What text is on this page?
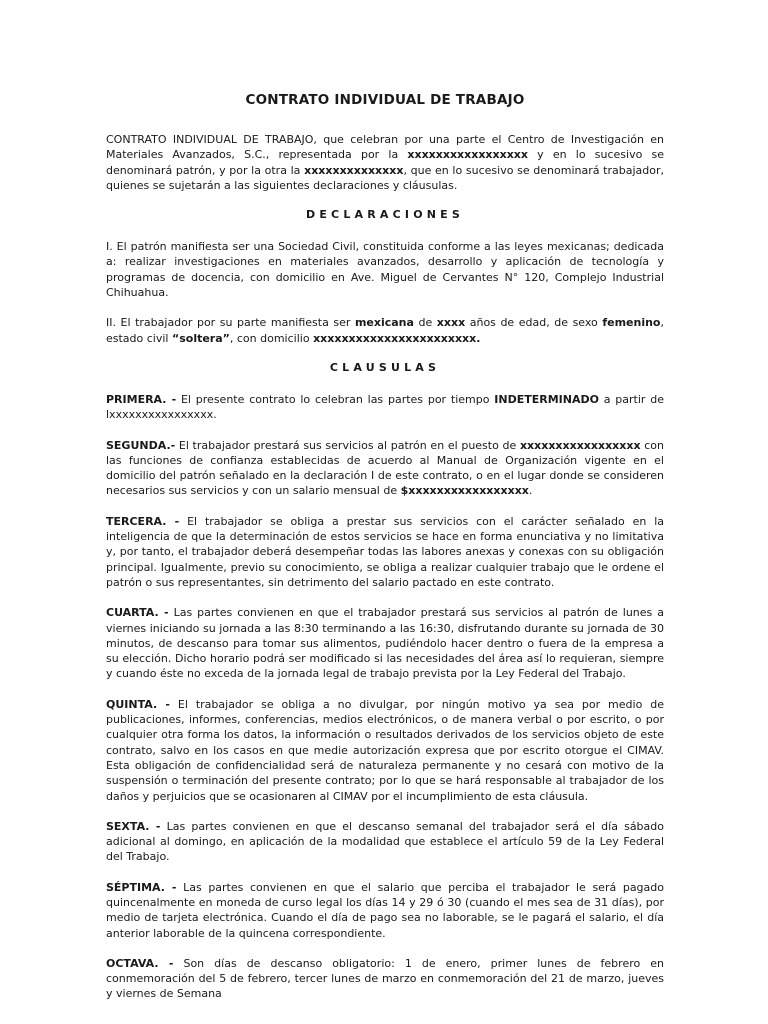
CONTRATO INDIVIDUAL DE TRABAJO

CONTRATO INDIVIDUAL DE TRABAJO, que celebran por una parte el Centro de Investigación en Materiales Avanzados, S.C., representada por la xxxxxxxxxxxxxxxxx y en lo sucesivo se denominará patrón, y por la otra la xxxxxxxxxxxxxx, que en lo sucesivo se denominará trabajador, quienes se sujetarán a las siguientes declaraciones y cláusulas.

DECLARACIONES

I. El patrón manifiesta ser una Sociedad Civil, constituida conforme a las leyes mexicanas; dedicada a: realizar investigaciones en materiales avanzados, desarrollo y aplicación de tecnología y programas de docencia, con domicilio en Ave. Miguel de Cervantes N° 120, Complejo Industrial Chihuahua.

II. El trabajador por su parte manifiesta ser mexicana de xxxx años de edad, de sexo femenino, estado civil “soltera”, con domicilio xxxxxxxxxxxxxxxxxxxxxxx.

CLAUSULAS

PRIMERA. - El presente contrato lo celebran las partes por tiempo INDETERMINADO a partir de lxxxxxxxxxxxxxxxx.

SEGUNDA.- El trabajador prestará sus servicios al patrón en el puesto de xxxxxxxxxxxxxxxxx con las funciones de confianza establecidas de acuerdo al Manual de Organización vigente en el domicilio del patrón señalado en la declaración I de este contrato, o en el lugar donde se consideren necesarios sus servicios y con un salario mensual de $xxxxxxxxxxxxxxxxx.

TERCERA. - El trabajador se obliga a prestar sus servicios con el carácter señalado en la inteligencia de que la determinación de estos servicios se hace en forma enunciativa y no limitativa y, por tanto, el trabajador deberá desempeñar todas las labores anexas y conexas con su obligación principal. Igualmente, previo su conocimiento, se obliga a realizar cualquier trabajo que le ordene el patrón o sus representantes, sin detrimento del salario pactado en este contrato.

CUARTA. - Las partes convienen en que el trabajador prestará sus servicios al patrón de lunes a viernes iniciando su jornada a las 8:30 terminando a las 16:30, disfrutando durante su jornada de 30 minutos, de descanso para tomar sus alimentos, pudiéndolo hacer dentro o fuera de la empresa a su elección. Dicho horario podrá ser modificado si las necesidades del área así lo requieran, siempre y cuando éste no exceda de la jornada legal de trabajo prevista por la Ley Federal del Trabajo.

QUINTA. - El trabajador se obliga a no divulgar, por ningún motivo ya sea por medio de publicaciones, informes, conferencias, medios electrónicos, o de manera verbal o por escrito, o por cualquier otra forma los datos, la información o resultados derivados de los servicios objeto de este contrato, salvo en los casos en que medie autorización expresa que por escrito otorgue el CIMAV. Esta obligación de confidencialidad será de naturaleza permanente y no cesará con motivo de la suspensión o terminación del presente contrato; por lo que se hará responsable al trabajador de los daños y perjuicios que se ocasionaren al CIMAV por el incumplimiento de esta cláusula.

SEXTA. - Las partes convienen en que el descanso semanal del trabajador será el día sábado adicional al domingo, en aplicación de la modalidad que establece el artículo 59 de la Ley Federal del Trabajo.

SÉPTIMA. - Las partes convienen en que el salario que perciba el trabajador le será pagado quincenalmente en moneda de curso legal los días 14 y 29 ó 30 (cuando el mes sea de 31 días), por medio de tarjeta electrónica. Cuando el día de pago sea no laborable, se le pagará el salario, el día anterior laborable de la quincena correspondiente.

OCTAVA. - Son días de descanso obligatorio: 1 de enero, primer lunes de febrero en conmemoración del 5 de febrero, tercer lunes de marzo en conmemoración del 21 de marzo, jueves y viernes de Semana
